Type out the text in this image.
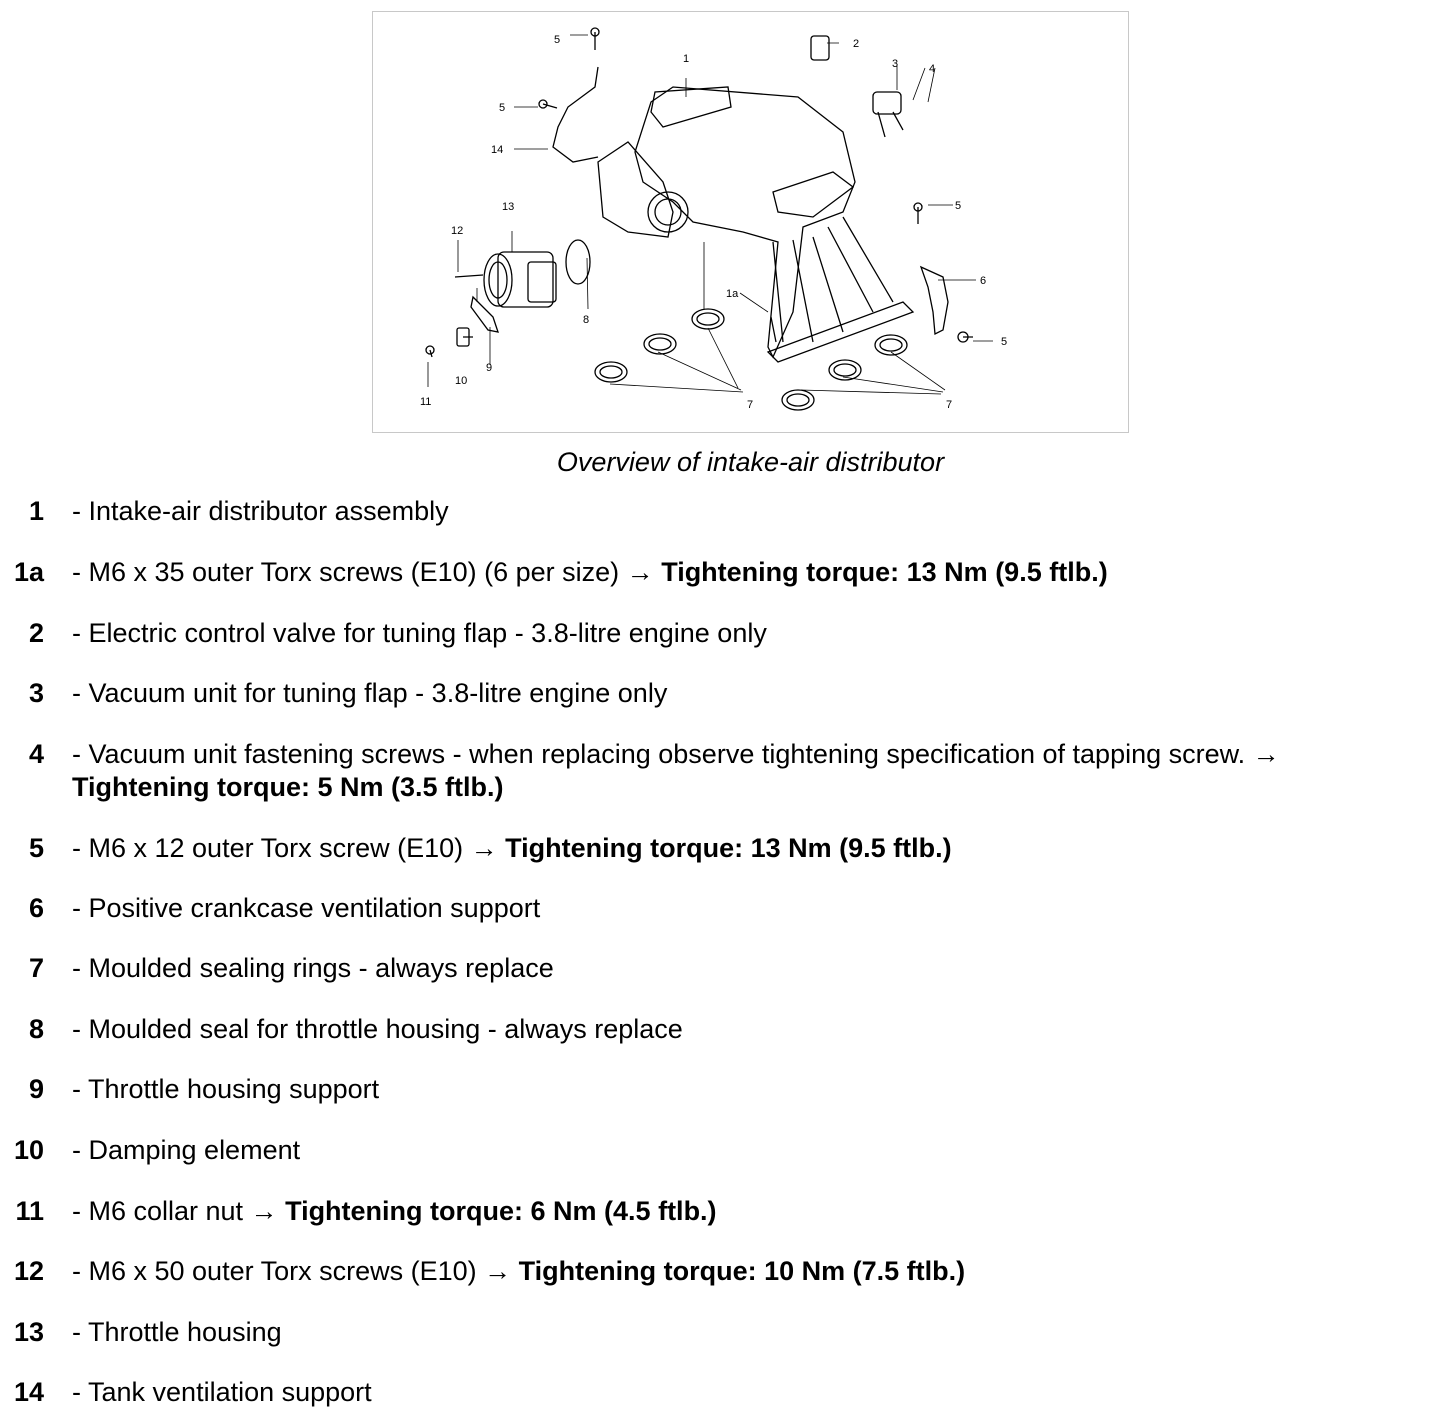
5	2
1	3	4
5
14
13	5
12
6
1a
8
5
9
10
11	7	7
Overview of intake-air distributor
1 - Intake-air distributor assembly
1a - M6 x 35 outer Torx screws (E10) (6 per size) → Tightening torque: 13 Nm (9.5 ftlb.)
2 - Electric control valve for tuning flap - 3.8-litre engine only
3 - Vacuum unit for tuning flap - 3.8-litre engine only
4 - Vacuum unit fastening screws - when replacing observe tightening specification of tapping screw. → Tightening torque: 5 Nm (3.5 ftlb.)
5 - M6 x 12 outer Torx screw (E10) → Tightening torque: 13 Nm (9.5 ftlb.)
6 - Positive crankcase ventilation support
7 - Moulded sealing rings - always replace
8 - Moulded seal for throttle housing - always replace
9 - Throttle housing support
10 - Damping element
11 - M6 collar nut → Tightening torque: 6 Nm (4.5 ftlb.)
12 - M6 x 50 outer Torx screws (E10) → Tightening torque: 10 Nm (7.5 ftlb.)
13 - Throttle housing
14 - Tank ventilation support
